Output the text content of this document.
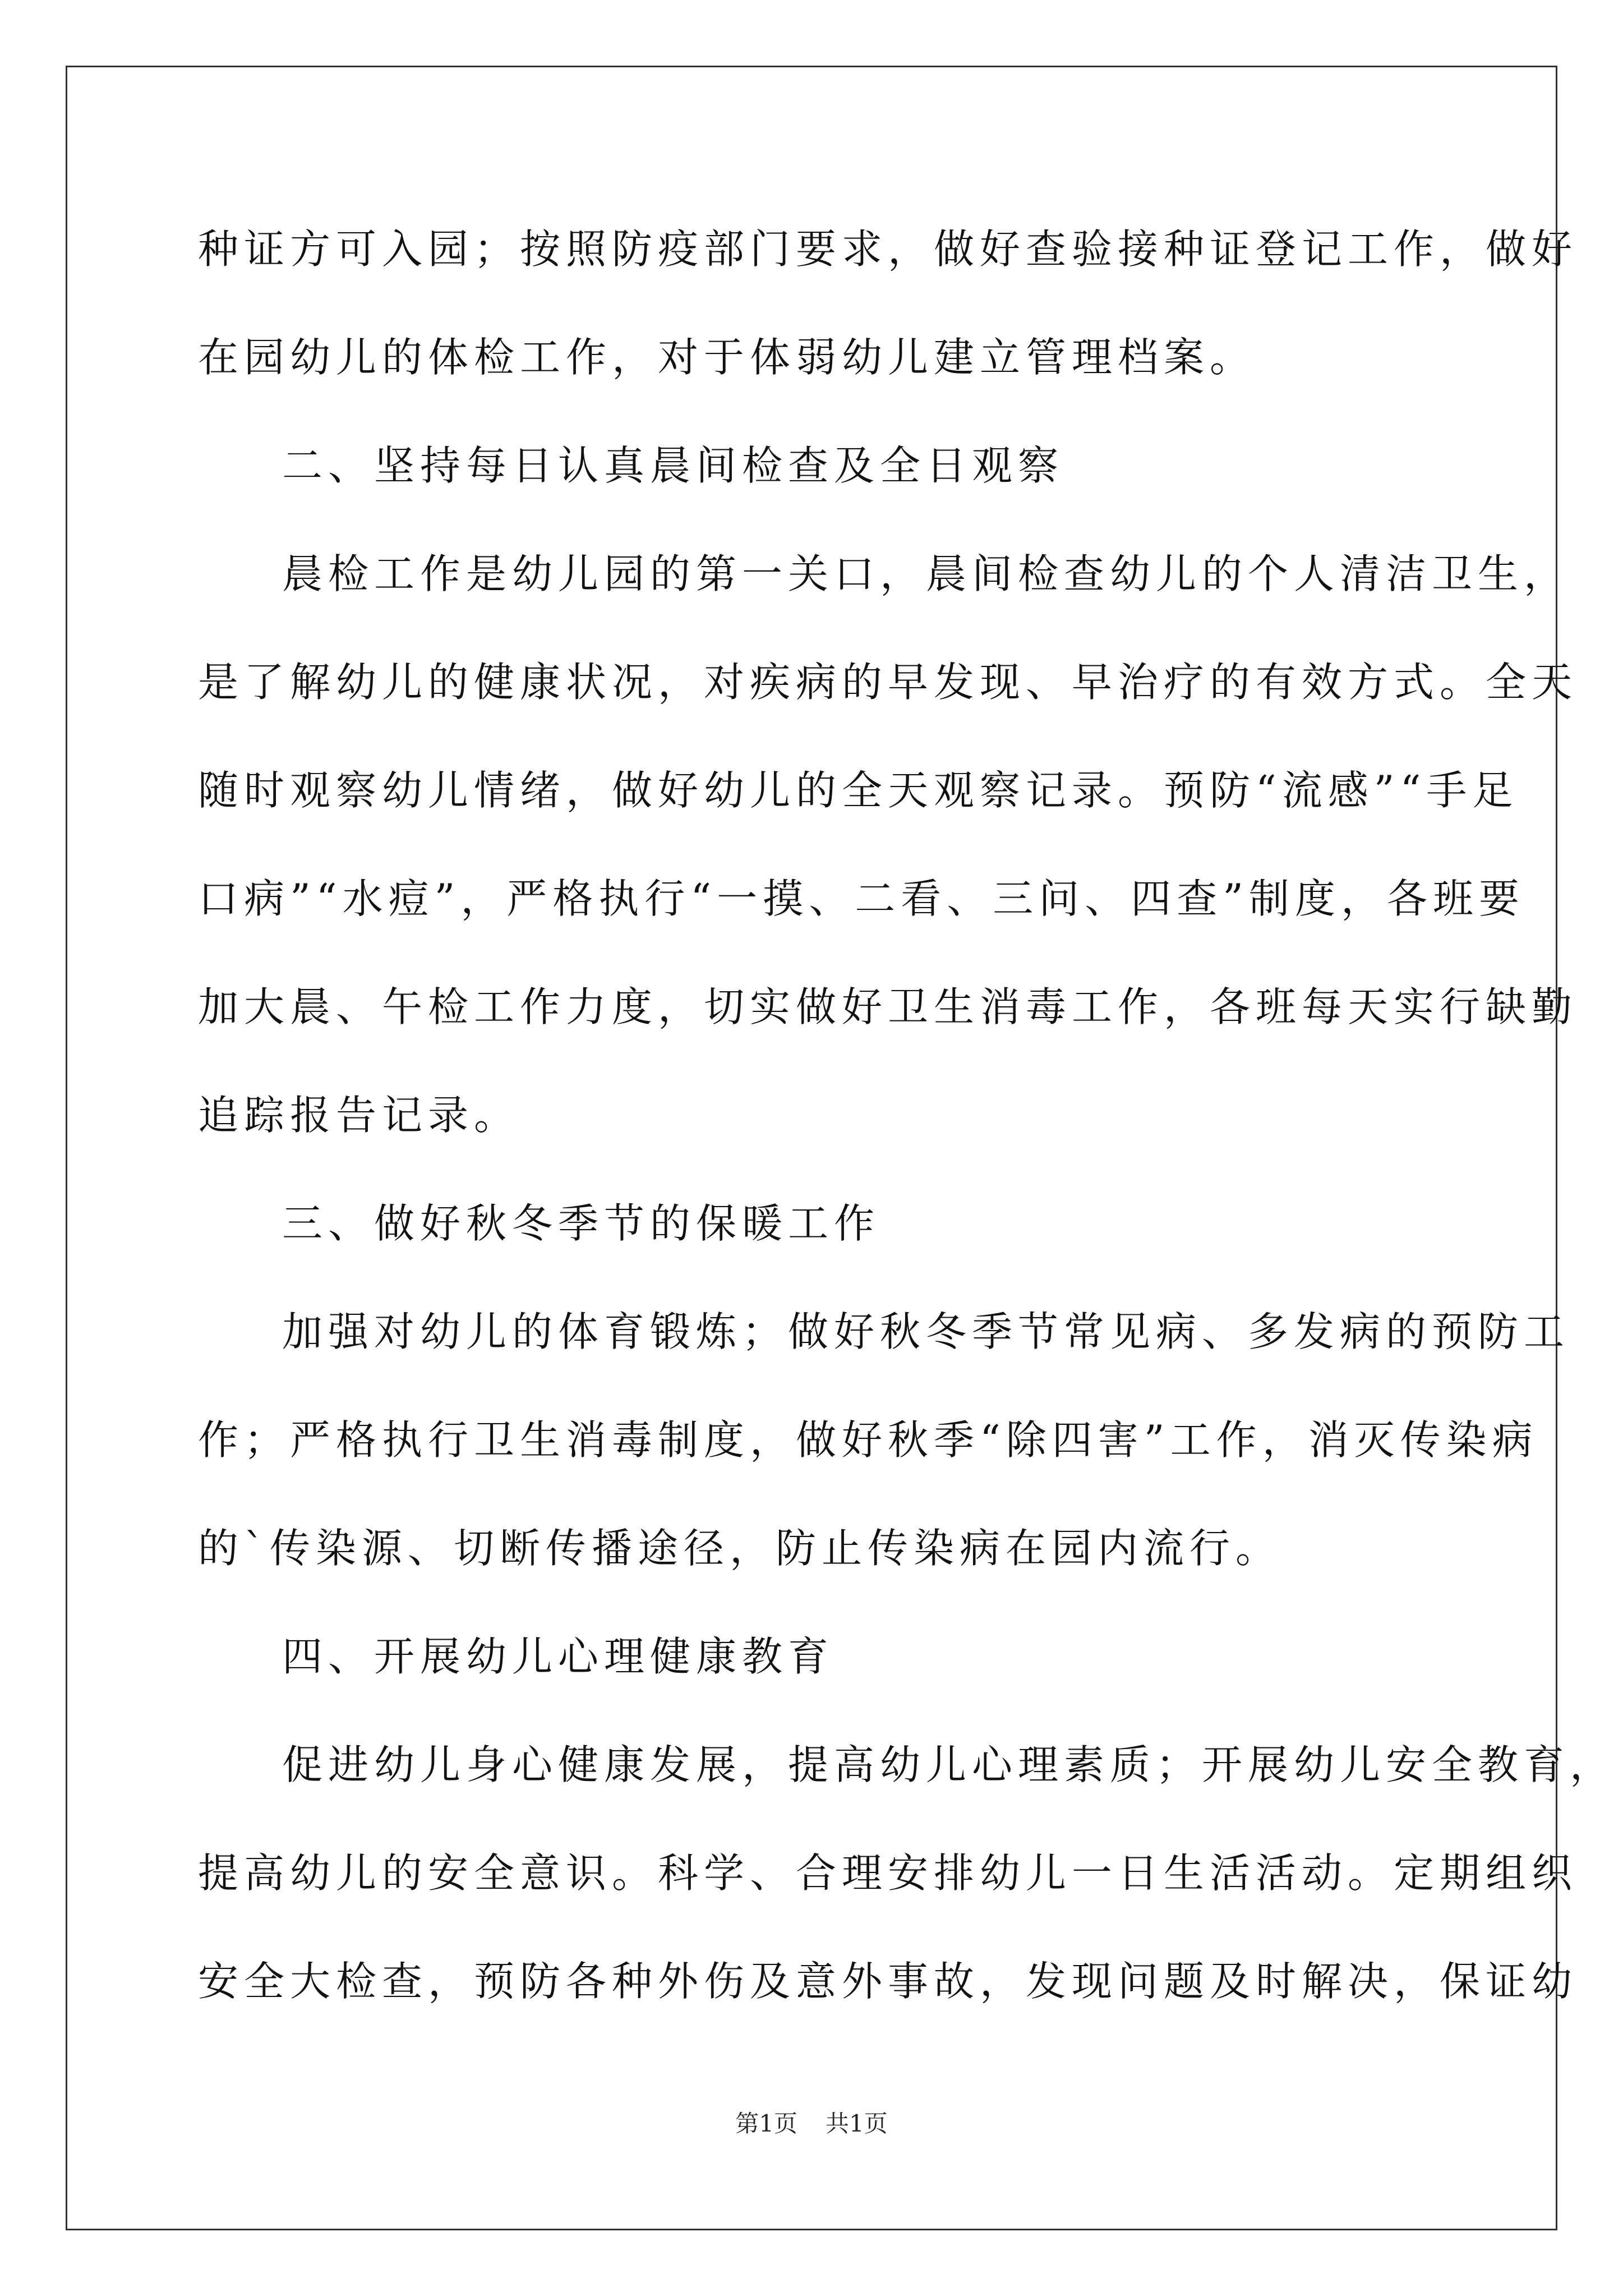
种证方可入园；按照防疫部门要求，做好查验接种证登记工作，做好
在园幼儿的体检工作，对于体弱幼儿建立管理档案。
二、坚持每日认真晨间检查及全日观察
晨检工作是幼儿园的第一关口，晨间检查幼儿的个人清洁卫生，
是了解幼儿的健康状况，对疾病的早发现、早治疗的有效方式。全天
随时观察幼儿情绪，做好幼儿的全天观察记录。预防“流感”“手足
口病”“水痘”，严格执行“一摸、二看、三问、四查”制度，各班要
加大晨、午检工作力度，切实做好卫生消毒工作，各班每天实行缺勤
追踪报告记录。
三、做好秋冬季节的保暖工作
加强对幼儿的体育锻炼；做好秋冬季节常见病、多发病的预防工
作；严格执行卫生消毒制度，做好秋季“除四害”工作，消灭传染病
的`传染源、切断传播途径，防止传染病在园内流行。
四、开展幼儿心理健康教育
促进幼儿身心健康发展，提高幼儿心理素质；开展幼儿安全教育，
提高幼儿的安全意识。科学、合理安排幼儿一日生活活动。定期组织
安全大检查，预防各种外伤及意外事故，发现问题及时解决，保证幼
第1页 共1页
